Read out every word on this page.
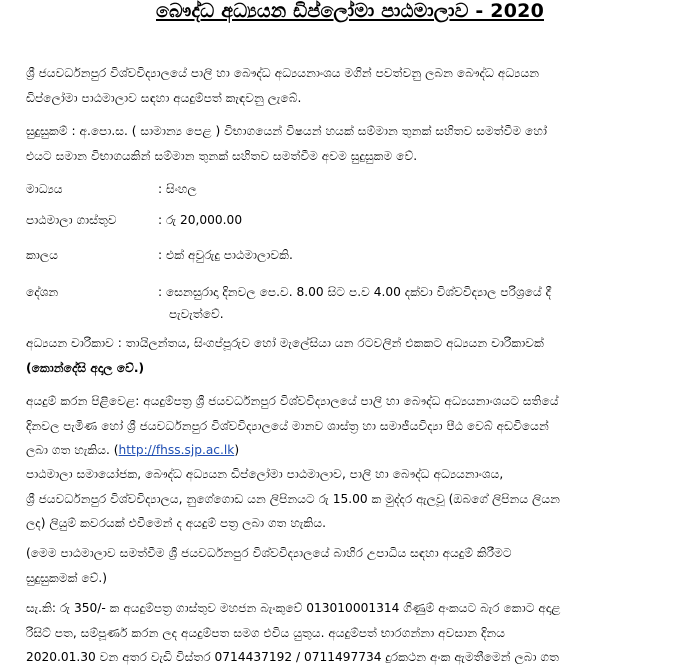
බෞද්ධ අධ්‍යයන ඩිප්ලෝමා පාඨමාලාව - 2020

ශ්‍රී ජයවර්ධනපුර විශ්වවිද්‍යාලයේ පාලි හා බෞද්ධ අධ්‍යයනාංශය මගින් පවත්වනු ලබන බෞද්ධ අධ්‍යයන

ඩිප්ලෝමා පාඨමාලාව සඳහා අයදුම්පත් කැඳවනු ලැබේ.

සුදුසුකම් : අ.පො.ස. ( සාමාන්‍ය පෙළ ) විභාගයෙන් විෂයන් හයක් සම්මාන තුනක් සහිතව සමත්වීම හෝ

එයට සමාන විභාගයකින් සම්මාන තුනක් සහිතව සමත්වීම අවම සුදුසුකම වේ.

මාධ්‍යය	: සිංහල
පාඨමාලා ගාස්තුව	: රු 20,000.00
කාලය	: එක් අවුරුදු පාඨමාලාවකි.
දේශන	: සෙනසුරාදා දිනවල පෙ.ව. 8.00 සිට ප.ව 4.00 දක්වා විශ්වවිද්‍යාල පරිශ්‍රයේ දී
පැවැත්වේ.

අධ්‍යයන චාරිකාව : තායිලන්තය, සිංගප්පූරුව හෝ මැලේසියා යන රටවලින් එකකට අධ්‍යයන චාරිකාවක්

(කොන්දේසි අදාල වේ.)

අයදුම් කරන පිළිවෙළ: අයදුම්පත්‍ර ශ්‍රී ජයවර්ධනපුර විශ්වවිද්‍යාලයේ පාලි හා බෞද්ධ අධ්‍යයනාංශයට සතියේ

දිනවල පැමිණ හෝ ශ්‍රී ජයවර්ධනපුර විශ්වවිද්‍යාලයේ මානව ශාස්ත්‍ර හා සමාජීයවිද්‍යා පීඨ වෙබ් අඩවියෙන්

ලබා ගත හැකිය. (http://fhss.sjp.ac.lk)

පාඨමාලා සමායෝජක, බෞද්ධ අධ්‍යයන ඩිප්ලෝමා පාඨමාලාව, පාලි හා බෞද්ධ අධ්‍යයනාංශය,

ශ්‍රී ජයවර්ධනපුර විශ්වවිද්‍යාලය, නුගේගොඩ යන ලිපිනයට රු 15.00 ක මුද්දර ඇලවූ (ඔබගේ ලිපිනය ලියන

ලද) ලියුම් කවරයක් එවීමෙන් ද අයදුම් පත්‍ර ලබා ගත හැකිය.

(මෙම පාඨමාලාව සමත්වීම ශ්‍රී ජයවර්ධනපුර විශ්වවිද්‍යාලයේ බාහිර උපාධිය සඳහා අයදුම් කිරීමට

සුදුසුකමක් වේ.)

සැ.කි: රු 350/- ක අයදුම්පත්‍ර ගාස්තුව මහජන බැංකුවේ 013010001314 ගිණුම් අංකයට බැර කොට අදාළ

රිසිට් පත, සම්පූර්ණ කරන ලද අයදුම්පත සමග එවිය යුතුය. අයදුම්පත් භාරගන්නා අවසාන දිනය

2020.01.30 වන අතර වැඩි විස්තර 0714437192 / 0711497734 දුරකථන අංක ඇමතීමෙන් ලබා ගත
